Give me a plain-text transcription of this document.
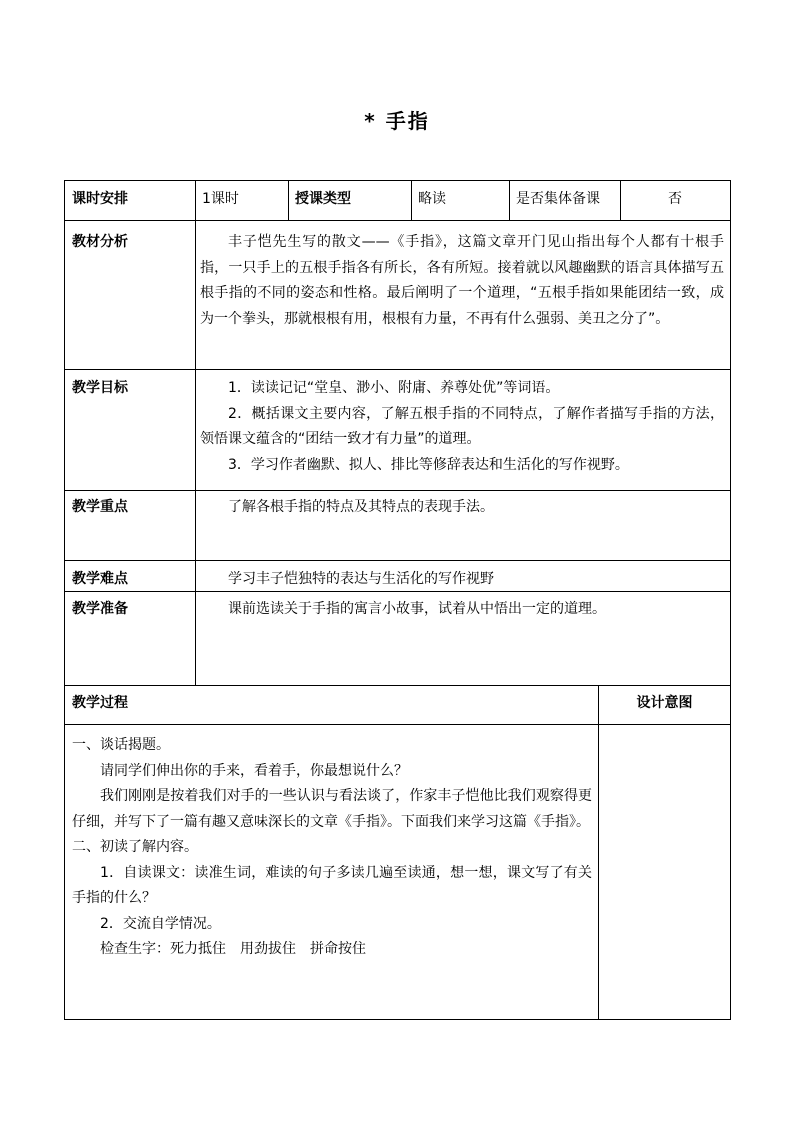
* 手指
课时安排	1课时	授课类型	略读	是否集体备课	否
教材分析	丰子恺先生写的散文——《手指》，这篇文章开门见山指出每个人都有十根手指，一只手上的五根手指各有所长，各有所短。接着就以风趣幽默的语言具体描写五根手指的不同的姿态和性格。最后阐明了一个道理，“五根手指如果能团结一致，成为一个拳头，那就根根有用，根根有力量，不再有什么强弱、美丑之分了”。

教学目标	1．读读记记“堂皇、渺小、附庸、养尊处优”等词语。

2．概括课文主要内容，了解五根手指的不同特点，了解作者描写手指的方法，领悟课文蕴含的“团结一致才有力量”的道理。

3．学习作者幽默、拟人、排比等修辞表达和生活化的写作视野。

教学重点	了解各根手指的特点及其特点的表现手法。

教学难点	学习丰子恺独特的表达与生活化的写作视野

教学准备	课前选读关于手指的寓言小故事，试着从中悟出一定的道理。

教学过程	设计意图

一、谈话揭题。

请同学们伸出你的手来，看着手，你最想说什么？

我们刚刚是按着我们对手的一些认识与看法谈了，作家丰子恺他比我们观察得更仔细，并写下了一篇有趣又意味深长的文章《手指》。下面我们来学习这篇《手指》。

二、初读了解内容。

1．自读课文：读准生词，难读的句子多读几遍至读通，想一想，课文写了有关手指的什么？

2．交流自学情况。

检查生字：死力抵住　用劲拔住　拼命按住
